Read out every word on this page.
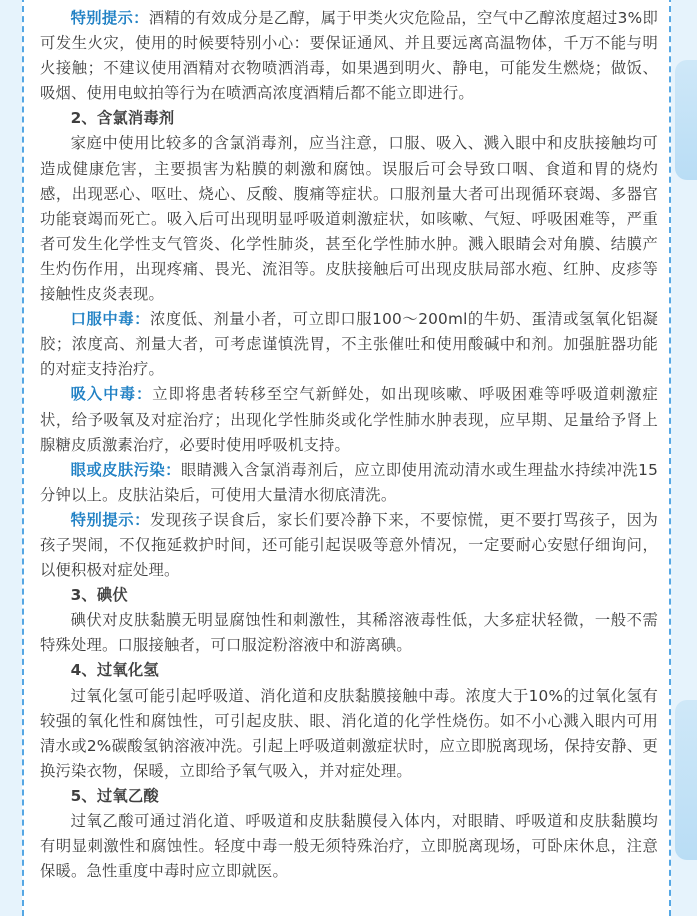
特别提示：酒精的有效成分是乙醇，属于甲类火灾危险品，空气中乙醇浓度超过3%即可发生火灾，使用的时候要特别小心：要保证通风、并且要远离高温物体，千万不能与明火接触；不建议使用酒精对衣物喷洒消毒，如果遇到明火、静电，可能发生燃烧；做饭、吸烟、使用电蚊拍等行为在喷洒高浓度酒精后都不能立即进行。

2、含氯消毒剂

家庭中使用比较多的含氯消毒剂，应当注意，口服、吸入、溅入眼中和皮肤接触均可造成健康危害，主要损害为粘膜的刺激和腐蚀。误服后可会导致口咽、食道和胃的烧灼感，出现恶心、呕吐、烧心、反酸、腹痛等症状。口服剂量大者可出现循环衰竭、多器官功能衰竭而死亡。吸入后可出现明显呼吸道刺激症状，如咳嗽、气短、呼吸困难等，严重者可发生化学性支气管炎、化学性肺炎，甚至化学性肺水肿。溅入眼睛会对角膜、结膜产生灼伤作用，出现疼痛、畏光、流泪等。皮肤接触后可出现皮肤局部水疱、红肿、皮疹等接触性皮炎表现。

口服中毒：浓度低、剂量小者，可立即口服100～200ml的牛奶、蛋清或氢氧化铝凝胶；浓度高、剂量大者，可考虑谨慎洗胃，不主张催吐和使用酸碱中和剂。加强脏器功能的对症支持治疗。

吸入中毒：立即将患者转移至空气新鲜处，如出现咳嗽、呼吸困难等呼吸道刺激症状，给予吸氧及对症治疗；出现化学性肺炎或化学性肺水肿表现，应早期、足量给予肾上腺糖皮质激素治疗，必要时使用呼吸机支持。

眼或皮肤污染：眼睛溅入含氯消毒剂后，应立即使用流动清水或生理盐水持续冲洗15分钟以上。皮肤沾染后，可使用大量清水彻底清洗。

特别提示：发现孩子误食后，家长们要冷静下来，不要惊慌，更不要打骂孩子，因为孩子哭闹，不仅拖延救护时间，还可能引起误吸等意外情况，一定要耐心安慰仔细询问，以便积极对症处理。

3、碘伏

碘伏对皮肤黏膜无明显腐蚀性和刺激性，其稀溶液毒性低，大多症状轻微，一般不需特殊处理。口服接触者，可口服淀粉溶液中和游离碘。

4、过氧化氢

过氧化氢可能引起呼吸道、消化道和皮肤黏膜接触中毒。浓度大于10%的过氧化氢有较强的氧化性和腐蚀性，可引起皮肤、眼、消化道的化学性烧伤。如不小心溅入眼内可用清水或2%碳酸氢钠溶液冲洗。引起上呼吸道刺激症状时，应立即脱离现场，保持安静、更换污染衣物，保暖，立即给予氧气吸入，并对症处理。

5、过氧乙酸

过氧乙酸可通过消化道、呼吸道和皮肤黏膜侵入体内，对眼睛、呼吸道和皮肤黏膜均有明显刺激性和腐蚀性。轻度中毒一般无须特殊治疗，立即脱离现场，可卧床休息，注意保暖。急性重度中毒时应立即就医。
